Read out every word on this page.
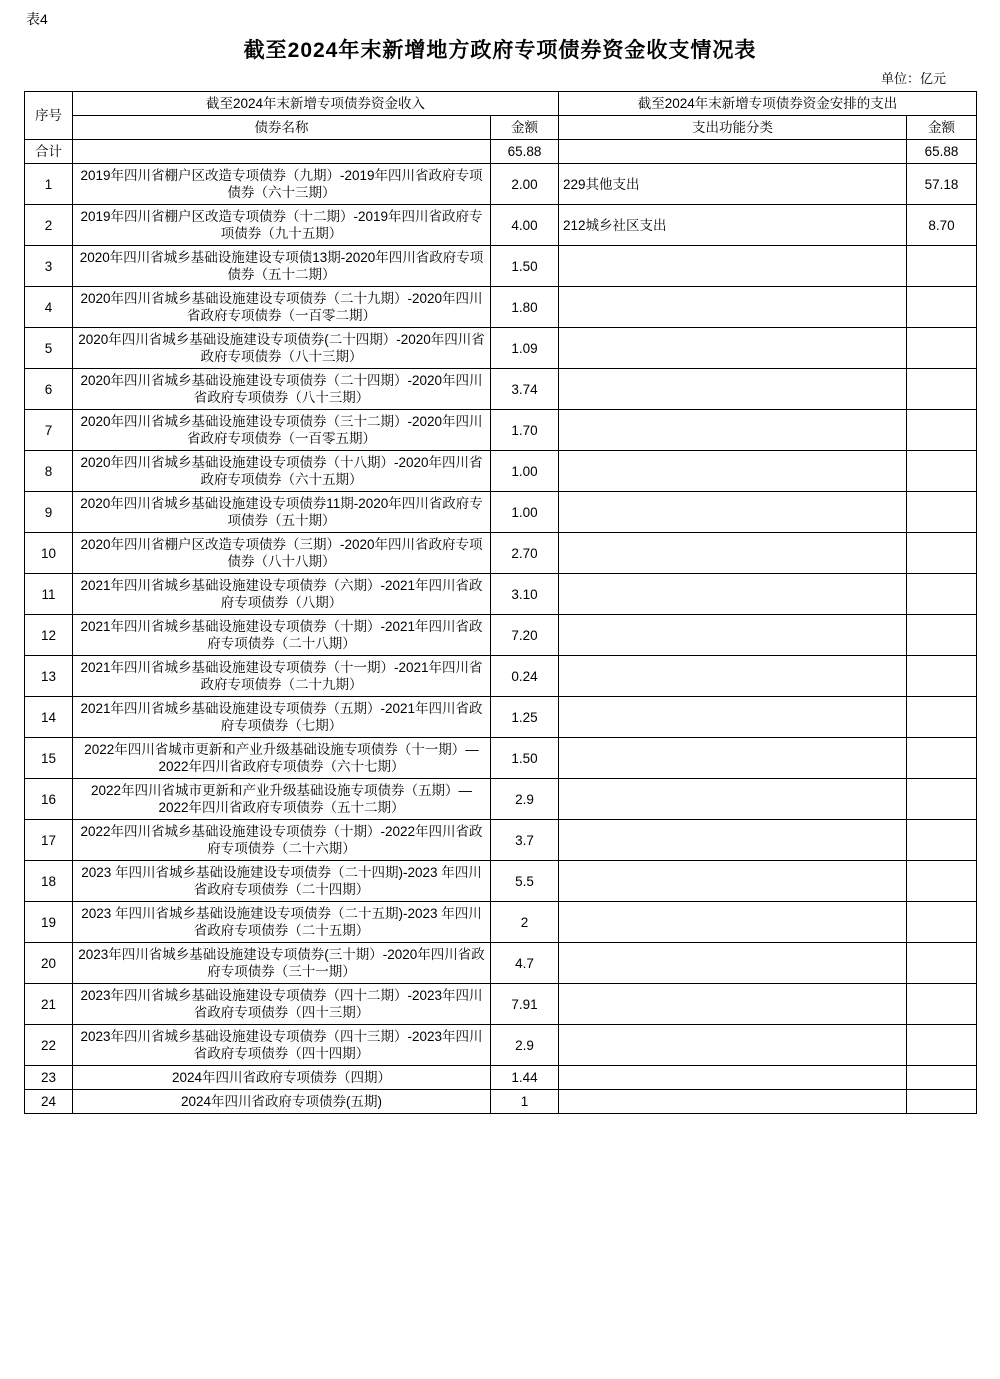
表4
截至2024年末新增地方政府专项债券资金收支情况表
单位：亿元
序号	截至2024年末新增专项债券资金收入		截至2024年末新增专项债券资金安排的支出	
	债券名称	金额	支出功能分类	金额
合计		65.88		65.88
1	2019年四川省棚户区改造专项债券（九期）-2019年四川省政府专项债券（六十三期）	2.00	229其他支出	57.18
2	2019年四川省棚户区改造专项债券（十二期）-2019年四川省政府专项债券（九十五期）	4.00	212城乡社区支出	8.70
3	2020年四川省城乡基础设施建设专项债13期-2020年四川省政府专项债券（五十二期）	1.50		
4	2020年四川省城乡基础设施建设专项债券（二十九期）-2020年四川省政府专项债券（一百零二期）	1.80		
5	2020年四川省城乡基础设施建设专项债券(二十四期）-2020年四川省政府专项债券（八十三期）	1.09		
6	2020年四川省城乡基础设施建设专项债券（二十四期）-2020年四川省政府专项债券（八十三期）	3.74		
7	2020年四川省城乡基础设施建设专项债券（三十二期）-2020年四川省政府专项债券（一百零五期）	1.70		
8	2020年四川省城乡基础设施建设专项债券（十八期）-2020年四川省政府专项债券（六十五期）	1.00		
9	2020年四川省城乡基础设施建设专项债券11期-2020年四川省政府专项债券（五十期）	1.00		
10	2020年四川省棚户区改造专项债券（三期）-2020年四川省政府专项债券（八十八期）	2.70		
11	2021年四川省城乡基础设施建设专项债券（六期）-2021年四川省政府专项债券（八期）	3.10		
12	2021年四川省城乡基础设施建设专项债券（十期）-2021年四川省政府专项债券（二十八期）	7.20		
13	2021年四川省城乡基础设施建设专项债券（十一期）-2021年四川省政府专项债券（二十九期）	0.24		
14	2021年四川省城乡基础设施建设专项债券（五期）-2021年四川省政府专项债券（七期）	1.25		
15	2022年四川省城市更新和产业升级基础设施专项债券（十一期）—2022年四川省政府专项债券（六十七期）	1.50		
16	2022年四川省城市更新和产业升级基础设施专项债券（五期）—2022年四川省政府专项债券（五十二期）	2.9		
17	2022年四川省城乡基础设施建设专项债券（十期）-2022年四川省政府专项债券（二十六期）	3.7		
18	2023 年四川省城乡基础设施建设专项债券（二十四期)-2023 年四川省政府专项债券（二十四期）	5.5		
19	2023 年四川省城乡基础设施建设专项债券（二十五期)-2023 年四川省政府专项债券（二十五期）	2		
20	2023年四川省城乡基础设施建设专项债券(三十期）-2020年四川省政府专项债券（三十一期）	4.7		
21	2023年四川省城乡基础设施建设专项债券（四十二期）-2023年四川省政府专项债券（四十三期）	7.91		
22	2023年四川省城乡基础设施建设专项债券（四十三期）-2023年四川省政府专项债券（四十四期）	2.9		
23	2024年四川省政府专项债券（四期）	1.44		
24	2024年四川省政府专项债券(五期)	1		
